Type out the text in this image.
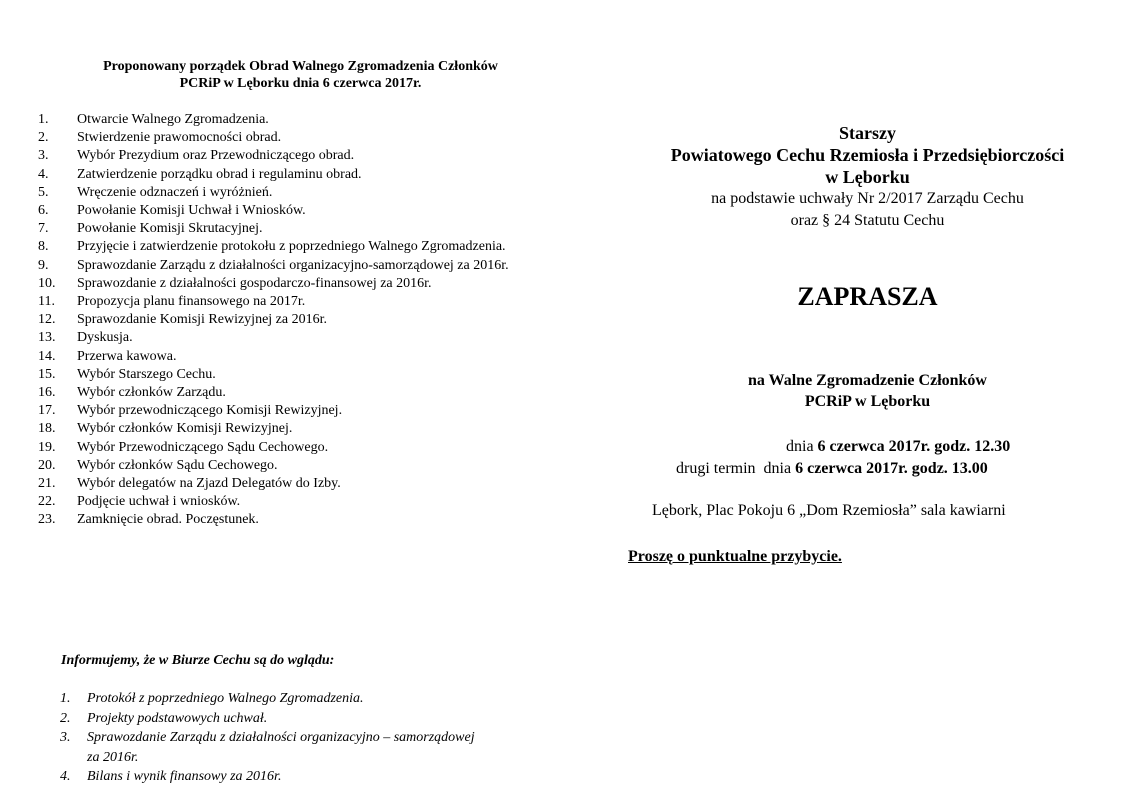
Proponowany porządek Obrad Walnego Zgromadzenia Członków
PCRiP w Lęborku dnia 6 czerwca 2017r.

1.	Otwarcie Walnego Zgromadzenia.
2.	Stwierdzenie prawomocności obrad.
3.	Wybór Prezydium oraz Przewodniczącego obrad.
4.	Zatwierdzenie porządku obrad i regulaminu obrad.
5.	Wręczenie odznaczeń i wyróżnień.
6.	Powołanie Komisji Uchwał i Wniosków.
7.	Powołanie Komisji Skrutacyjnej.
8.	Przyjęcie i zatwierdzenie protokołu z poprzedniego Walnego Zgromadzenia.
9.	Sprawozdanie Zarządu z działalności organizacyjno-samorządowej za 2016r.
10.	Sprawozdanie z działalności gospodarczo-finansowej za 2016r.
11.	Propozycja planu finansowego na 2017r.
12.	Sprawozdanie Komisji Rewizyjnej za 2016r.
13.	Dyskusja.
14.	Przerwa kawowa.
15.	Wybór Starszego Cechu.
16.	Wybór członków Zarządu.
17.	Wybór przewodniczącego Komisji Rewizyjnej.
18.	Wybór członków Komisji Rewizyjnej.
19.	Wybór Przewodniczącego Sądu Cechowego.
20.	Wybór członków Sądu Cechowego.
21.	Wybór delegatów na Zjazd Delegatów do Izby.
22.	Podjęcie uchwał i wniosków.
23.	Zamknięcie obrad. Poczęstunek.

Informujemy, że w Biurze Cechu są do wglądu:

1.	Protokół z poprzedniego Walnego Zgromadzenia.
2.	Projekty podstawowych uchwał.
3.	Sprawozdanie Zarządu z działalności organizacyjno – samorządowej za 2016r.
4.	Bilans i wynik finansowy za 2016r.
Starszy
Powiatowego Cechu Rzemiosła i Przedsiębiorczości
w Lęborku
na podstawie uchwały Nr 2/2017 Zarządu Cechu
oraz § 24 Statutu Cechu
ZAPRASZA
na Walne Zgromadzenie Członków
PCRiP w Lęborku
dnia 6 czerwca 2017r. godz. 12.30
drugi termin dnia 6 czerwca 2017r. godz. 13.00
Lębork, Plac Pokoju 6 „Dom Rzemiosła” sala kawiarni
Proszę o punktualne przybycie.
